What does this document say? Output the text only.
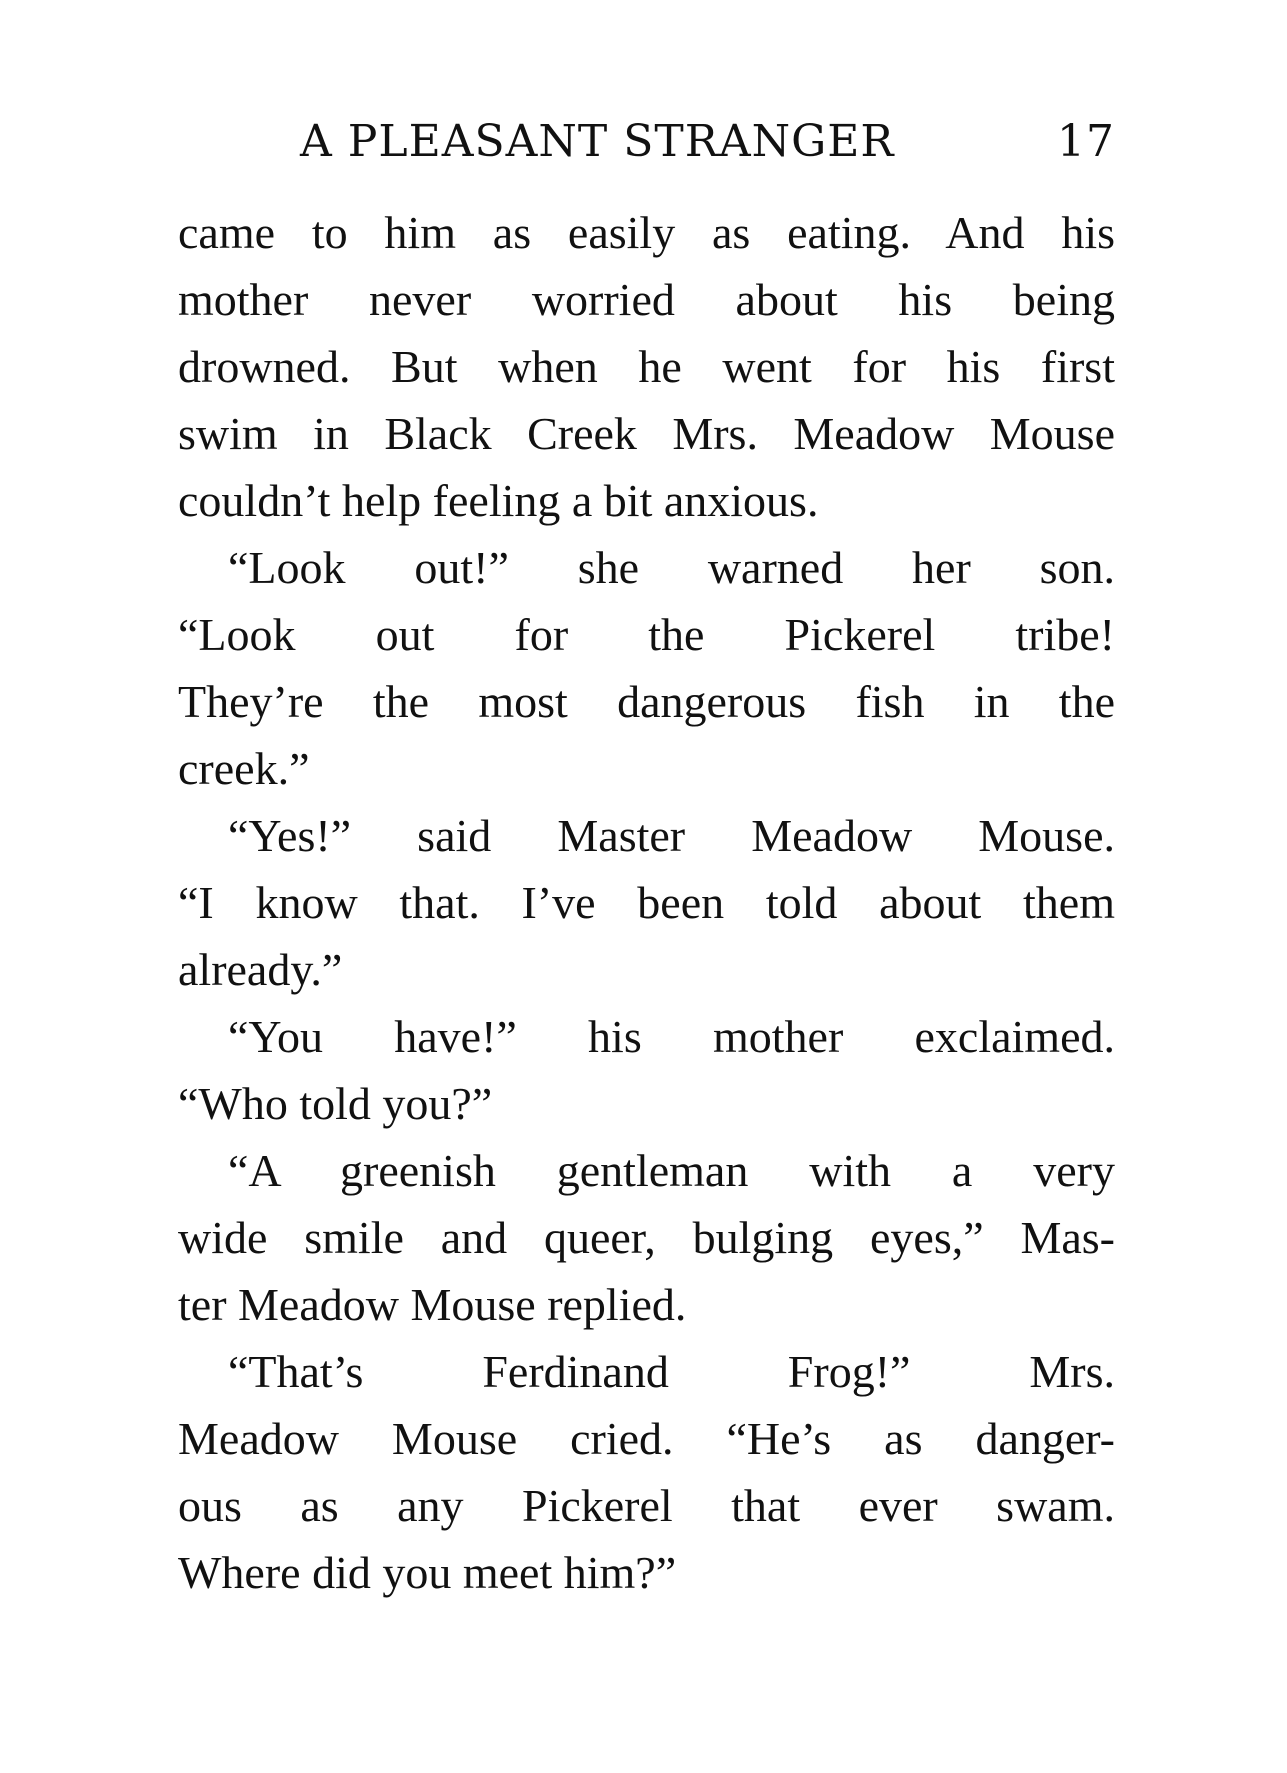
A PLEASANT STRANGER	17
came to him as easily as eating. And his
mother never worried about his being
drowned. But when he went for his first
swim in Black Creek Mrs. Meadow Mouse
couldn’t help feeling a bit anxious.
“Look out!” she warned her son.
“Look out for the Pickerel tribe!
They’re the most dangerous fish in the
creek.”
“Yes!” said Master Meadow Mouse.
“I know that. I’ve been told about them
already.”
“You have!” his mother exclaimed.
“Who told you?”
“A greenish gentleman with a very
wide smile and queer, bulging eyes,” Mas-
ter Meadow Mouse replied.
“That’s Ferdinand Frog!” Mrs.
Meadow Mouse cried. “He’s as danger-
ous as any Pickerel that ever swam.
Where did you meet him?”
